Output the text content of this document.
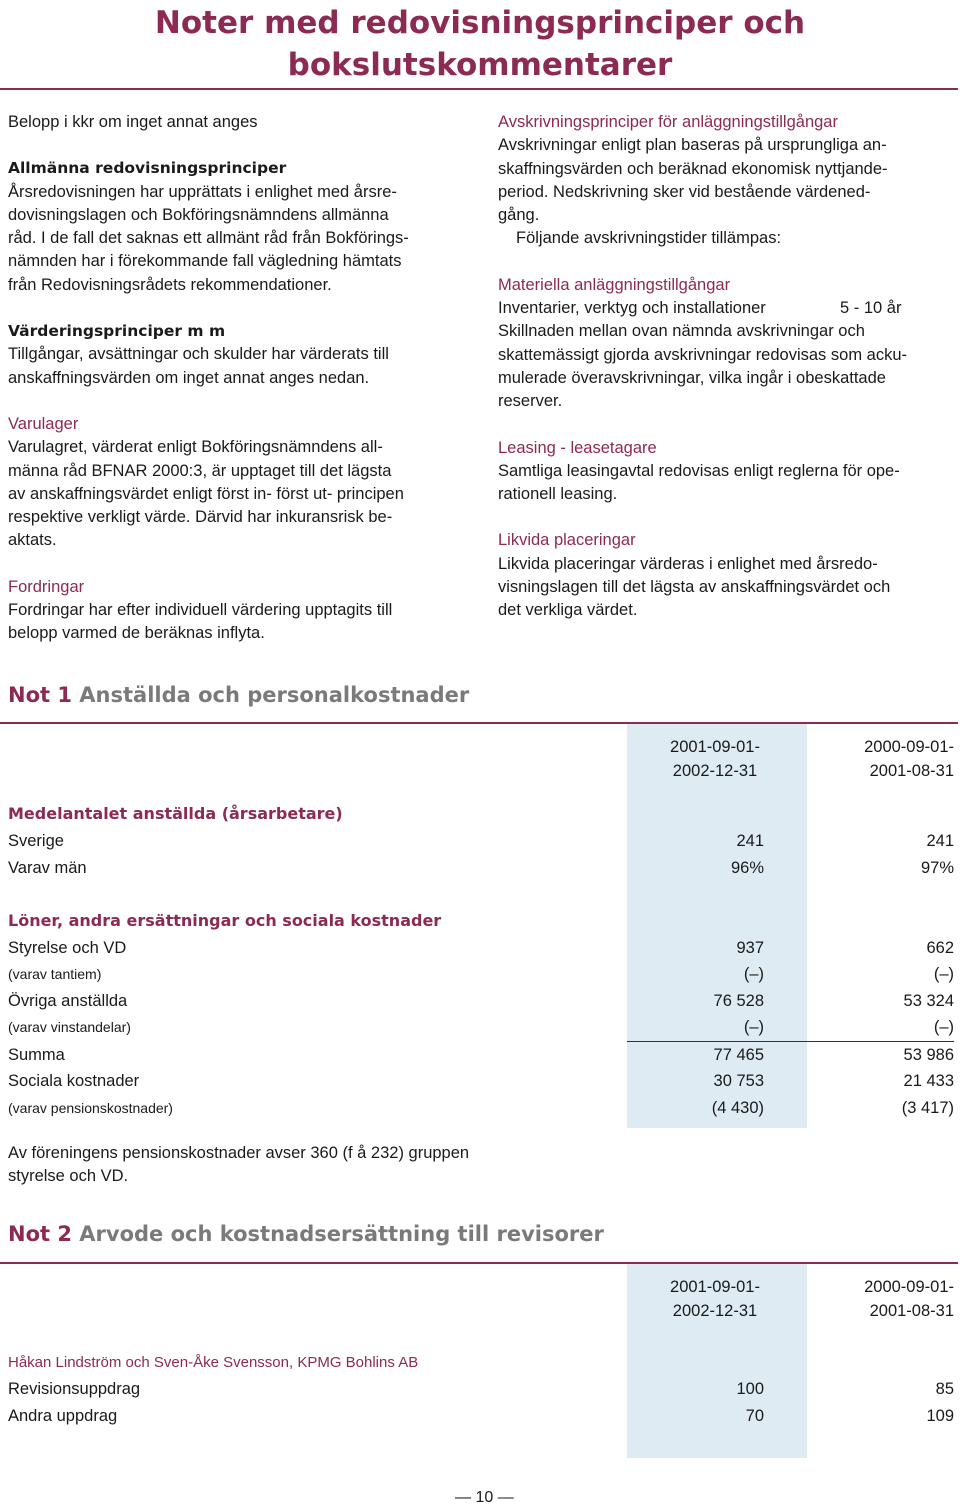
Noter med redovisningsprinciper och
bokslutskommentarer

Belopp i kkr om inget annat anges

Allmänna redovisningsprinciper

Årsredovisningen har upprättats i enlighet med årsre-

dovisningslagen och Bokföringsnämndens allmänna

råd. I de fall det saknas ett allmänt råd från Bokförings-

nämnden har i förekommande fall vägledning hämtats

från Redovisningsrådets rekommendationer.

Värderingsprinciper m m

Tillgångar, avsättningar och skulder har värderats till

anskaffningsvärden om inget annat anges nedan.

Varulager

Varulagret, värderat enligt Bokföringsnämndens all-

männa råd BFNAR 2000:3, är upptaget till det lägsta

av anskaffningsvärdet enligt först in- först ut- principen

respektive verkligt värde. Därvid har inkuransrisk be-

aktats.

Fordringar

Fordringar har efter individuell värdering upptagits till

belopp varmed de beräknas inflyta.

Avskrivningsprinciper för anläggningstillgångar

Avskrivningar enligt plan baseras på ursprungliga an-

skaffningsvärden och beräknad ekonomisk nyttjande-

period. Nedskrivning sker vid bestående värdened-

gång.

Följande avskrivningstider tillämpas:

Materiella anläggningstillgångar

Inventarier, verktyg och installationer	5 - 10 år

Skillnaden mellan ovan nämnda avskrivningar och

skattemässigt gjorda avskrivningar redovisas som acku-

mulerade överavskrivningar, vilka ingår i obeskattade

reserver.

Leasing - leasetagare

Samtliga leasingavtal redovisas enligt reglerna för ope-

rationell leasing.

Likvida placeringar

Likvida placeringar värderas i enlighet med årsredo-

visningslagen till det lägsta av anskaffningsvärdet och

det verkliga värdet.

Not 1 Anställda och personalkostnader
2001-09-01-
2002-12-31
2000-09-01-
2001-08-31
Medelantalet anställda (årsarbetare)
Sverige	241	241
Varav män	96%	97%
Löner, andra ersättningar och sociala kostnader
Styrelse och VD	937	662
(varav tantiem)	(–)	(–)
Övriga anställda	76 528	53 324
(varav vinstandelar)	(–)	(–)
Summa	77 465	53 986
Sociala kostnader	30 753	21 433
(varav pensionskostnader)	(4 430)	(3 417)

Av föreningens pensionskostnader avser 360 (f å 232) gruppen

styrelse och VD.

Not 2 Arvode och kostnadsersättning till revisorer
2001-09-01-
2002-12-31
2000-09-01-
2001-08-31
Håkan Lindström och Sven-Åke Svensson, KPMG Bohlins AB
Revisionsuppdrag	100	85
Andra uppdrag	70	109
— 10 —
